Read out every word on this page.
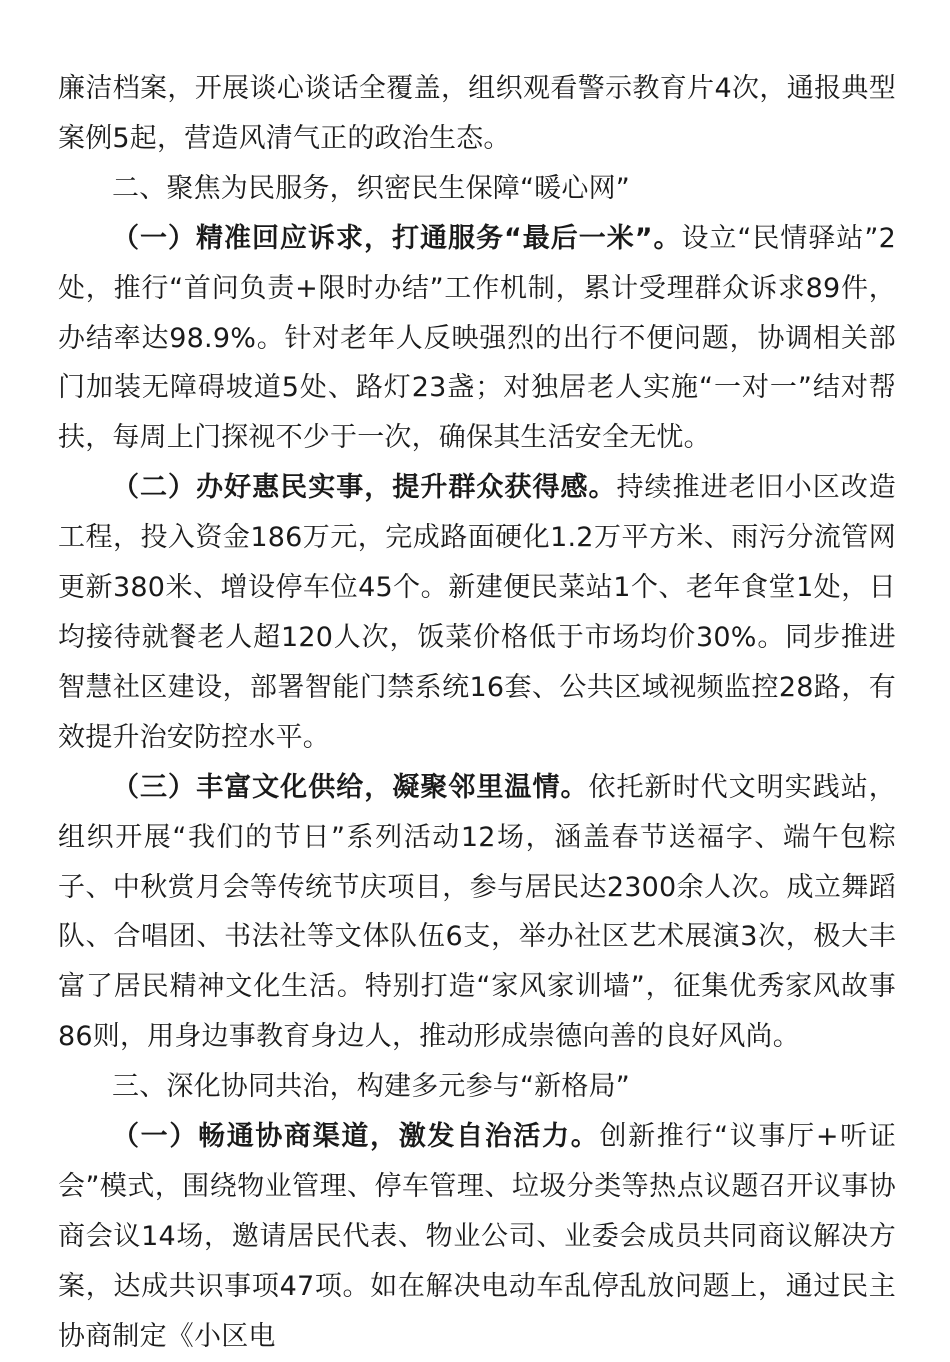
廉洁档案，开展谈心谈话全覆盖，组织观看警示教育片4次，通报典型案例5起，营造风清气正的政治生态。

二、聚焦为民服务，织密民生保障“暖心网”

（一）精准回应诉求，打通服务“最后一米”。设立“民情驿站”2处，推行“首问负责+限时办结”工作机制，累计受理群众诉求89件，办结率达98.9%。针对老年人反映强烈的出行不便问题，协调相关部门加装无障碍坡道5处、路灯23盏；对独居老人实施“一对一”结对帮扶，每周上门探视不少于一次，确保其生活安全无忧。

（二）办好惠民实事，提升群众获得感。持续推进老旧小区改造工程，投入资金186万元，完成路面硬化1.2万平方米、雨污分流管网更新380米、增设停车位45个。新建便民菜站1个、老年食堂1处，日均接待就餐老人超120人次，饭菜价格低于市场均价30%。同步推进智慧社区建设，部署智能门禁系统16套、公共区域视频监控28路，有效提升治安防控水平。

（三）丰富文化供给，凝聚邻里温情。依托新时代文明实践站，组织开展“我们的节日”系列活动12场，涵盖春节送福字、端午包粽子、中秋赏月会等传统节庆项目，参与居民达2300余人次。成立舞蹈队、合唱团、书法社等文体队伍6支，举办社区艺术展演3次，极大丰富了居民精神文化生活。特别打造“家风家训墙”，征集优秀家风故事86则，用身边事教育身边人，推动形成崇德向善的良好风尚。

三、深化协同共治，构建多元参与“新格局”

（一）畅通协商渠道，激发自治活力。创新推行“议事厅+听证会”模式，围绕物业管理、停车管理、垃圾分类等热点议题召开议事协商会议14场，邀请居民代表、物业公司、业委会成员共同商议解决方案，达成共识事项47项。如在解决电动车乱停乱放问题上，通过民主协商制定《小区电
